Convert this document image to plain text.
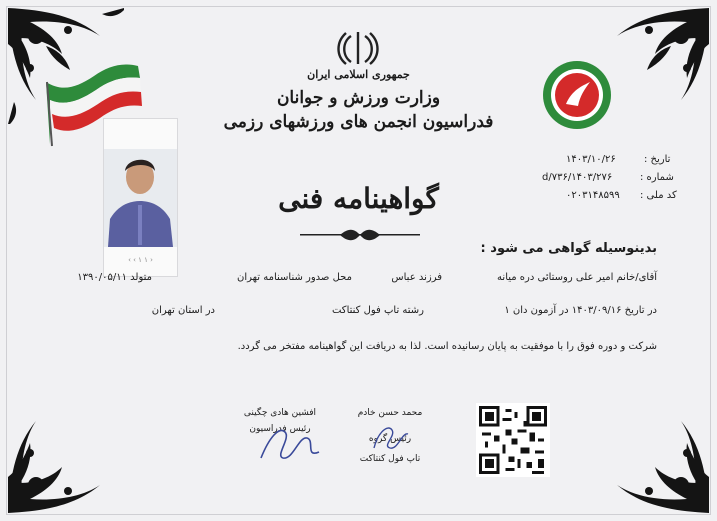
جمهوری اسلامی ایران
وزارت ورزش و جوانان
فدراسیون انجمن های ورزشهای رزمی
گواهینامه فنی
تاریخ :
۱۴۰۳/۱۰/۲۶
شماره :
۱۴۰۳/۲۷۶/d/۷۳۶
کد ملی :
۰۲۰۳۱۴۸۵۹۹
‹ ‹ ۱ ۱ ›
بدینوسیله گواهی می شود :
آقای/خانم امیر علی روستائی دره میانه
فرزند عباس
محل صدور شناسنامه تهران
متولد ۱۳۹۰/۰۵/۱۱
رشته تاپ فول کنتاکت
در استان تهران	در تاریخ ۱۴۰۳/۰۹/۱۶ در آزمون دان ۱
شرکت و دوره فوق را با موفقیت به پایان رسانیده است. لذا به دریافت این گواهینامه مفتخر می گردد.
افشین هادی چگینی
رئیس فدراسیون
محمد حسن خادم
رئیس گروه
تاپ فول کنتاکت
